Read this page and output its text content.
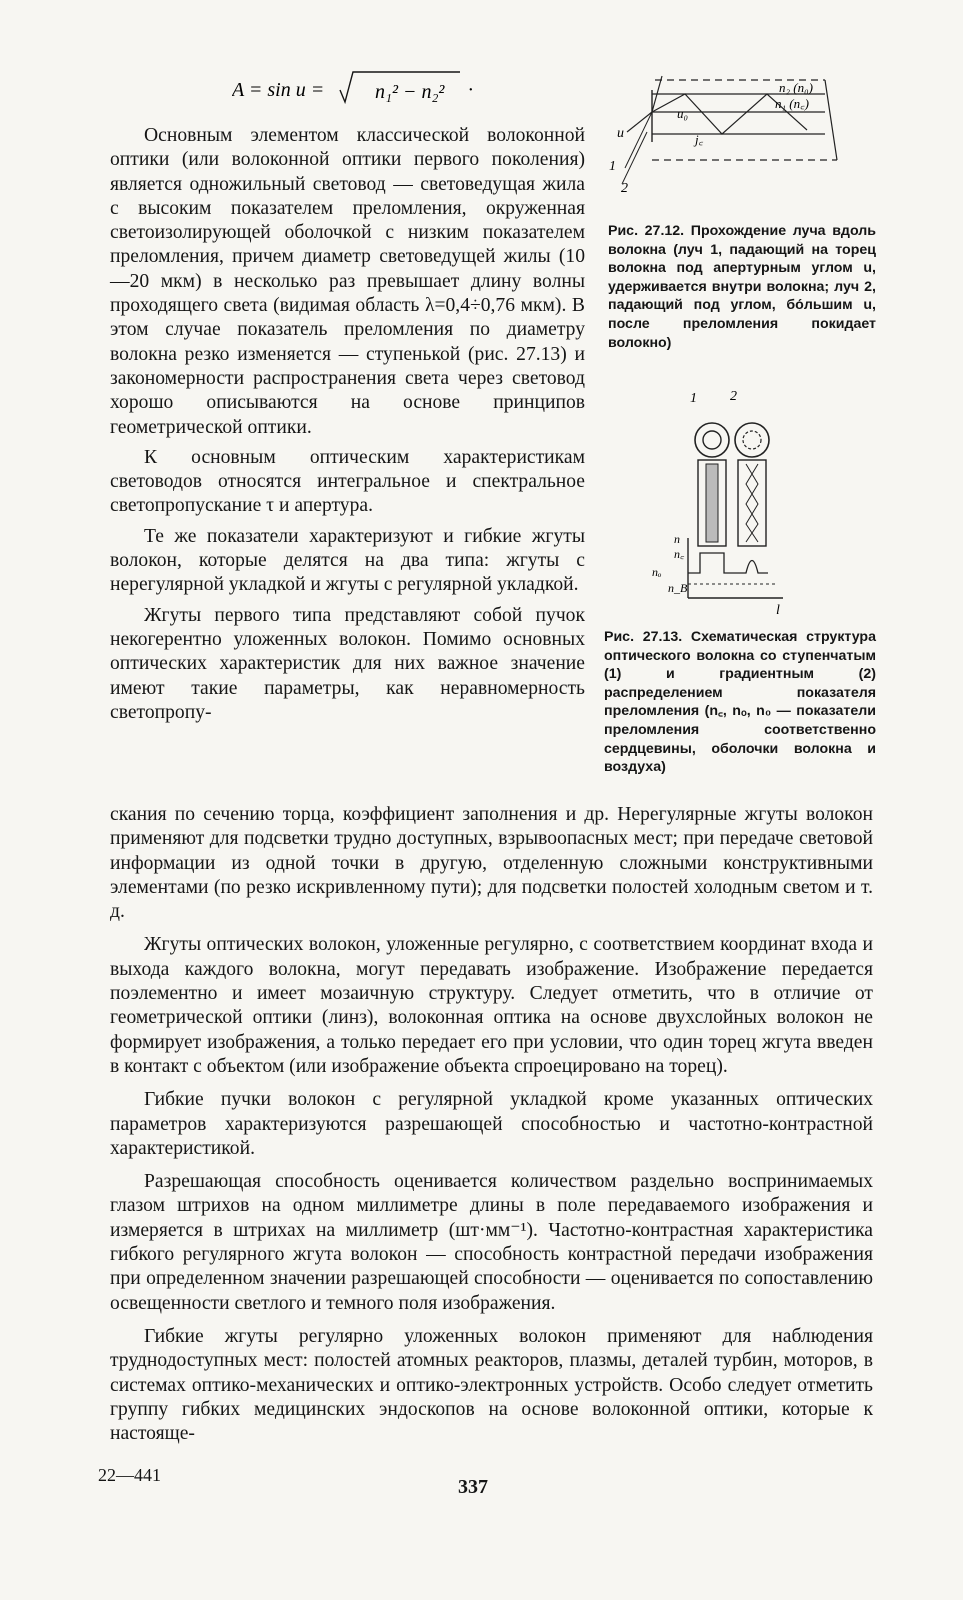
A = sin u =	n₁² − n₂² ·

Основным элементом классической волоконной оптики (или волоконной оптики первого поколения) является одножильный световод — световедущая жила с высоким показателем преломления, окруженная светоизолирующей оболочкой с низким показателем преломления, причем диаметр световедущей жилы (10—20 мкм) в несколько раз превышает длину волны проходящего света (видимая область λ=0,4÷0,76 мкм). В этом случае показатель преломления по диаметру волокна резко изменяется — ступенькой (рис. 27.13) и закономерности распространения света через световод хорошо описываются на основе принципов геометрической оптики.

К основным оптическим характеристикам световодов относятся интегральное и спектральное светопропускание τ и апертура.

Те же показатели характеризуют и гибкие жгуты волокон, которые делятся на два типа: жгуты с нерегулярной укладкой и жгуты с регулярной укладкой.

Жгуты первого типа представляют собой пучок некогерентно уложенных волокон. Помимо основных оптических характеристик для них важное значение имеют такие параметры, как неравномерность светопропу-

n₂ (n₀)
n₁ (n꜀)
u
u₀
j꜀
1
2
Рис. 27.12. Прохождение луча вдоль волокна (луч 1, падающий на торец волокна под апертурным углом u, удерживается внутри волокна; луч 2, падающий под углом, бо́льшим u, после преломления покидает волокно)
1 2
n
n꜀
nₒ
n_B
l
Рис. 27.13. Схематическая структура оптического волокна со ступенчатым (1) и градиентным (2) распределением показателя преломления (n꜀, nₒ, n₀ — показатели преломления соответственно сердцевины, оболочки волокна и воздуха)

скания по сечению торца, коэффициент заполнения и др. Нерегулярные жгуты волокон применяют для подсветки трудно доступных, взрывоопасных мест; при передаче световой информации из одной точки в другую, отделенную сложными конструктивными элементами (по резко искривленному пути); для подсветки полостей холодным светом и т. д.

Жгуты оптических волокон, уложенные регулярно, с соответствием координат входа и выхода каждого волокна, могут передавать изображение. Изображение передается поэлементно и имеет мозаичную структуру. Следует отметить, что в отличие от геометрической оптики (линз), волоконная оптика на основе двухслойных волокон не формирует изображения, а только передает его при условии, что один торец жгута введен в контакт с объектом (или изображение объекта спроецировано на торец).

Гибкие пучки волокон с регулярной укладкой кроме указанных оптических параметров характеризуются разрешающей способностью и частотно-контрастной характеристикой.

Разрешающая способность оценивается количеством раздельно воспринимаемых глазом штрихов на одном миллиметре длины в поле передаваемого изображения и измеряется в штрихах на миллиметр (шт·мм⁻¹). Частотно-контрастная характеристика гибкого регулярного жгута волокон — способность контрастной передачи изображения при определенном значении разрешающей способности — оценивается по сопоставлению освещенности светлого и темного поля изображения.

Гибкие жгуты регулярно уложенных волокон применяют для наблюдения труднодоступных мест: полостей атомных реакторов, плазмы, деталей турбин, моторов, в системах оптико-механических и оптико-электронных устройств. Особо следует отметить группу гибких медицинских эндоскопов на основе волоконной оптики, которые к настояще-

22—441
337
